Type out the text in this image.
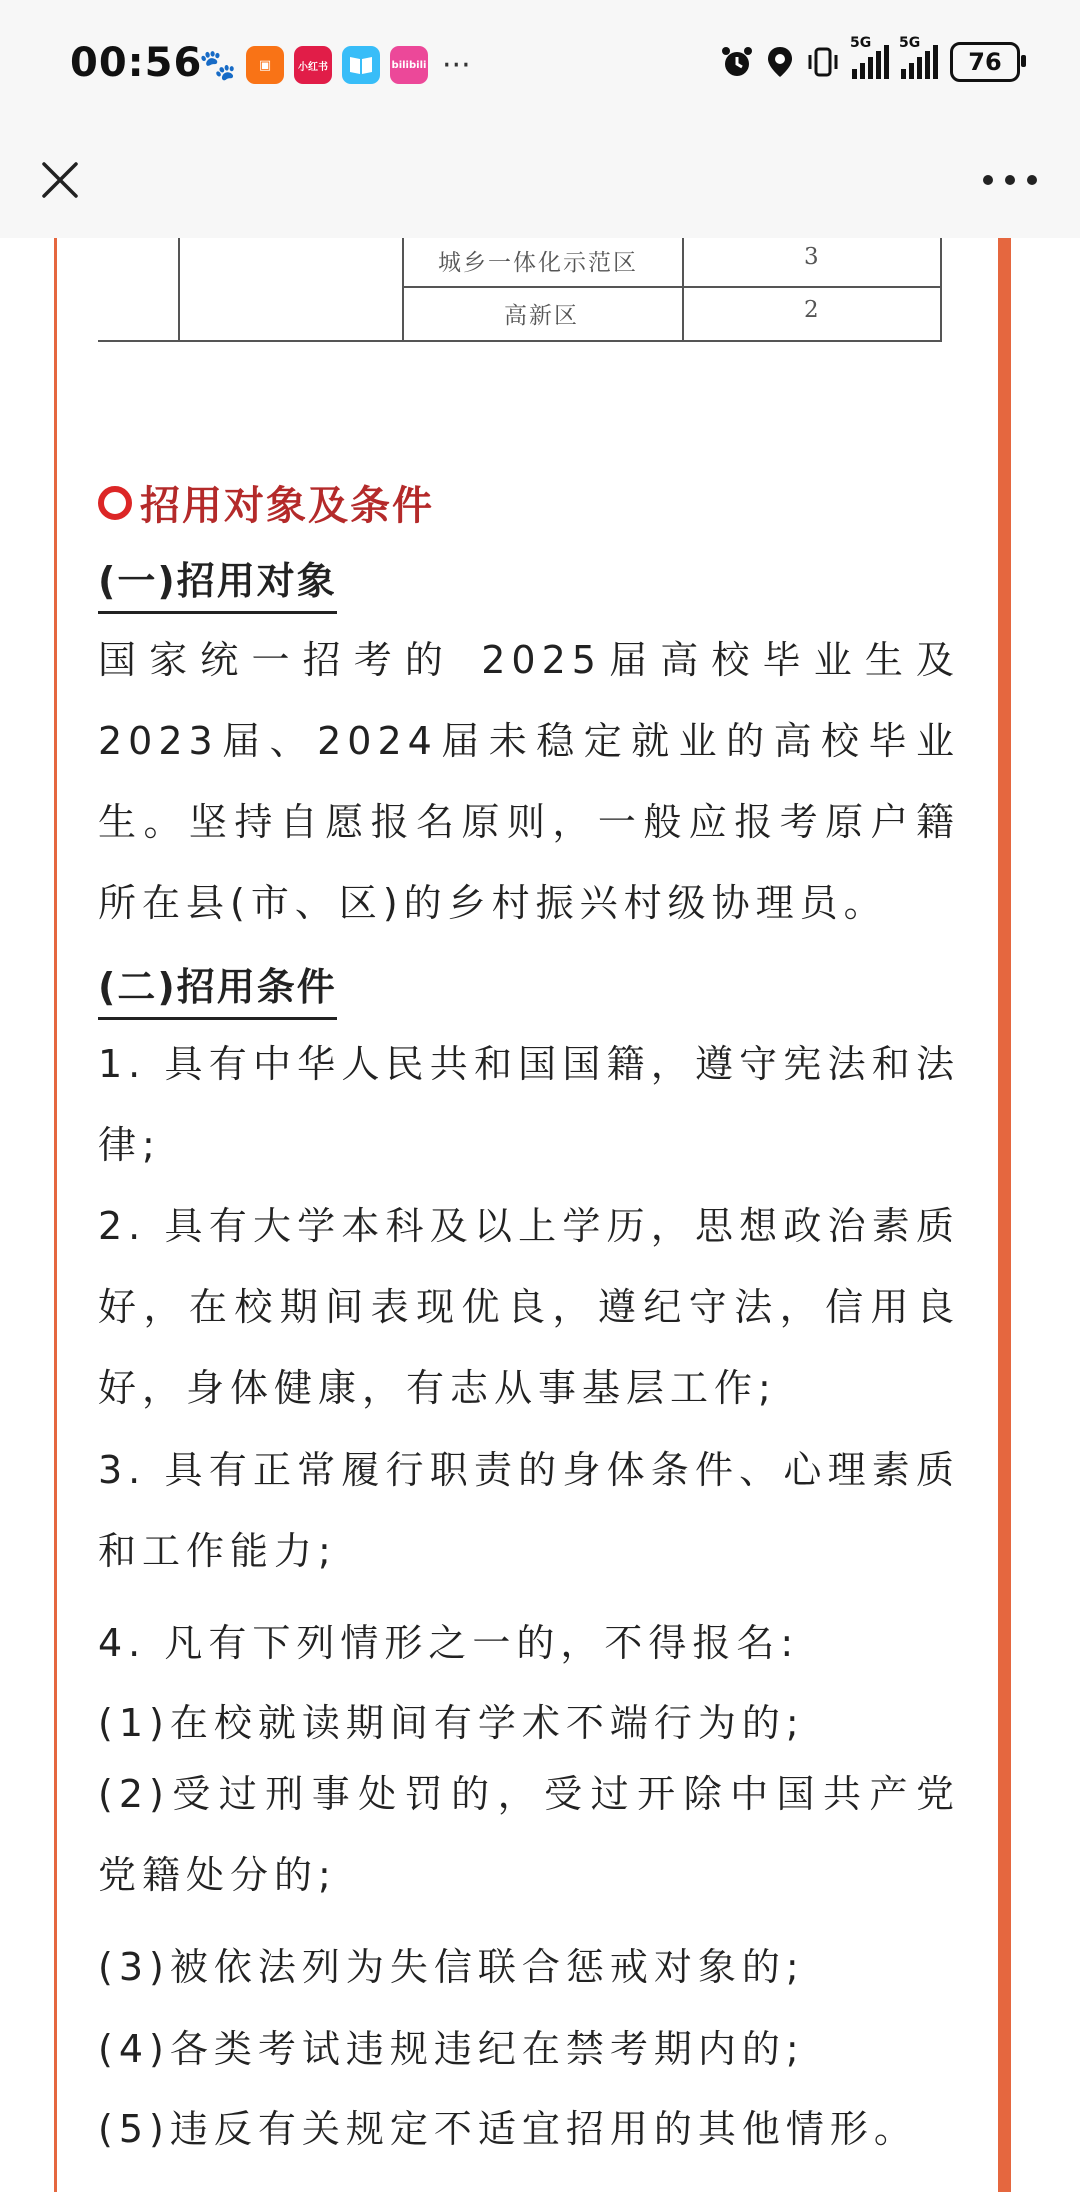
00:56
🐾	▣	小红书	bilibili ···
5G 5G
76
城乡一体化示范区	3
高新区	2
招用对象及条件
(一)招用对象
国家统一招考的 2025届高校毕业生及2023届、2024届未稳定就业的高校毕业生。坚持自愿报名原则，一般应报考原户籍所在县(市、区)的乡村振兴村级协理员。
(二)招用条件
1. 具有中华人民共和国国籍，遵守宪法和法律;
2. 具有大学本科及以上学历，思想政治素质好，在校期间表现优良，遵纪守法，信用良好，身体健康，有志从事基层工作;
3. 具有正常履行职责的身体条件、心理素质和工作能力;
4. 凡有下列情形之一的，不得报名:
(1)在校就读期间有学术不端行为的;
(2)受过刑事处罚的，受过开除中国共产党党籍处分的;
(3)被依法列为失信联合惩戒对象的;
(4)各类考试违规违纪在禁考期内的;
(5)违反有关规定不适宜招用的其他情形。
